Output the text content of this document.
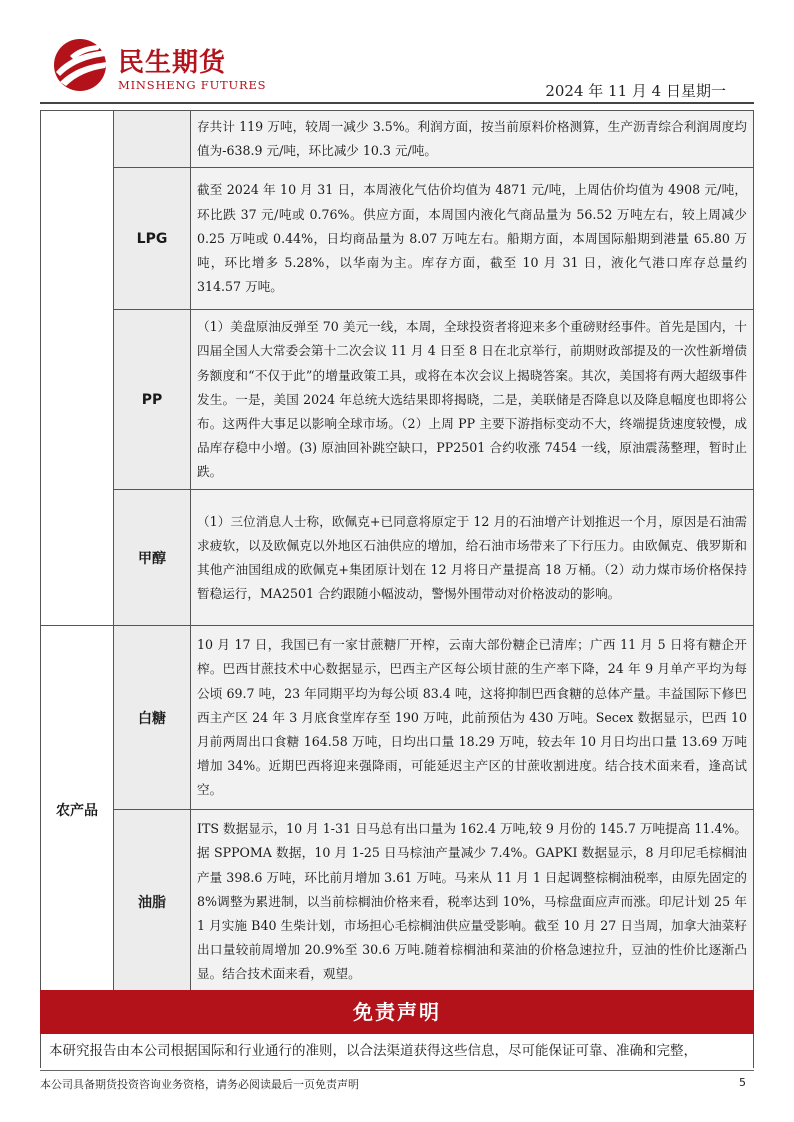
民生期货
MINSHENG FUTURES	2024 年 11 月 4 日星期一

		存共计 119 万吨，较周一减少 3.5%。利润方面，按当前原料价格测算，生产沥青综合利润周度均值为-638.9 元/吨，环比减少 10.3 元/吨。

	LPG	截至 2024 年 10 月 31 日，本周液化气估价均值为 4871 元/吨，上周估价均值为 4908 元/吨，环比跌 37 元/吨或 0.76%。供应方面，本周国内液化气商品量为 56.52 万吨左右，较上周减少 0.25 万吨或 0.44%，日均商品量为 8.07 万吨左右。船期方面，本周国际船期到港量 65.80 万吨，环比增多 5.28%，以华南为主。库存方面，截至 10 月 31 日，液化气港口库存总量约 314.57 万吨。

	PP	（1）美盘原油反弹至 70 美元一线，本周，全球投资者将迎来多个重磅财经事件。首先是国内，十四届全国人大常委会第十二次会议 11 月 4 日至 8 日在北京举行，前期财政部提及的一次性新增债务额度和“不仅于此”的增量政策工具，或将在本次会议上揭晓答案。其次，美国将有两大超级事件发生。一是，美国 2024 年总统大选结果即将揭晓，二是，美联储是否降息以及降息幅度也即将公布。这两件大事足以影响全球市场。（2）上周 PP 主要下游指标变动不大，终端提货速度较慢，成品库存稳中小增。(3) 原油回补跳空缺口，PP2501 合约收涨 7454 一线，原油震荡整理，暂时止跌。

	甲醇	（1）三位消息人士称，欧佩克+已同意将原定于 12 月的石油增产计划推迟一个月，原因是石油需求疲软，以及欧佩克以外地区石油供应的增加，给石油市场带来了下行压力。由欧佩克、俄罗斯和其他产油国组成的欧佩克+集团原计划在 12 月将日产量提高 18 万桶。（2）动力煤市场价格保持暂稳运行，MA2501 合约跟随小幅波动，警惕外围带动对价格波动的影响。

农产品	白糖	10 月 17 日，我国已有一家甘蔗糖厂开榨，云南大部份糖企已清库；广西 11 月 5 日将有糖企开榨。巴西甘蔗技术中心数据显示，巴西主产区每公顷甘蔗的生产率下降，24 年 9 月单产平均为每公顷 69.7 吨，23 年同期平均为每公顷 83.4 吨，这将抑制巴西食糖的总体产量。丰益国际下修巴西主产区 24 年 3 月底食堂库存至 190 万吨，此前预估为 430 万吨。Secex 数据显示，巴西 10 月前两周出口食糖 164.58 万吨，日均出口量 18.29 万吨，较去年 10 月日均出口量 13.69 万吨增加 34%。近期巴西将迎来强降雨，可能延迟主产区的甘蔗收割进度。结合技术面来看，逢高试空。

	油脂	ITS 数据显示，10 月 1-31 日马总有出口量为 162.4 万吨,较 9 月份的 145.7 万吨提高 11.4%。据 SPPOMA 数据，10 月 1-25 日马棕油产量减少 7.4%。GAPKI 数据显示，8 月印尼毛棕榈油产量 398.6 万吨，环比前月增加 3.61 万吨。马来从 11 月 1 日起调整棕榈油税率，由原先固定的 8%调整为累进制，以当前棕榈油价格来看，税率达到 10%，马棕盘面应声而涨。印尼计划 25 年 1 月实施 B40 生柴计划，市场担心毛棕榈油供应量受影响。截至 10 月 27 日当周，加拿大油菜籽出口量较前周增加 20.9%至 30.6 万吨.随着棕榈油和菜油的价格急速拉升，豆油的性价比逐渐凸显。结合技术面来看，观望。

免责声明
本研究报告由本公司根据国际和行业通行的准则，以合法渠道获得这些信息，尽可能保证可靠、准确和完整，
本公司具备期货投资咨询业务资格，请务必阅读最后一页免责声明	5
